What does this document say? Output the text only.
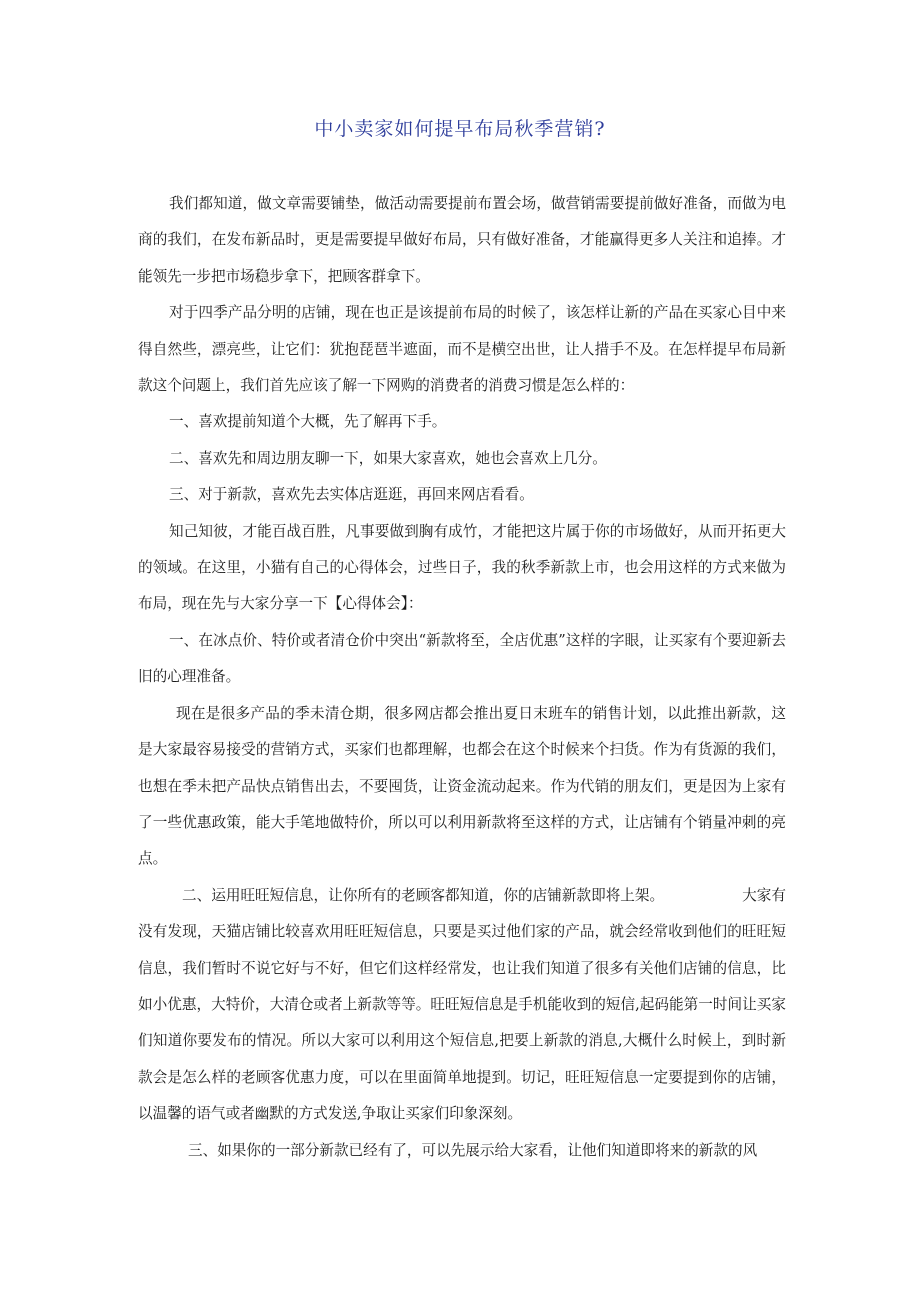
中小卖家如何提早布局秋季营销?

我们都知道，做文章需要铺垫，做活动需要提前布置会场，做营销需要提前做好准备，而做为电商的我们，在发布新品时，更是需要提早做好布局，只有做好准备，才能赢得更多人关注和追捧。才能领先一步把市场稳步拿下，把顾客群拿下。

对于四季产品分明的店铺，现在也正是该提前布局的时候了，该怎样让新的产品在买家心目中来得自然些，漂亮些，让它们：犹抱琵琶半遮面，而不是横空出世，让人措手不及。在怎样提早布局新款这个问题上，我们首先应该了解一下网购的消费者的消费习惯是怎么样的：

一、喜欢提前知道个大概，先了解再下手。

二、喜欢先和周边朋友聊一下，如果大家喜欢，她也会喜欢上几分。

三、对于新款，喜欢先去实体店逛逛，再回来网店看看。

知己知彼，才能百战百胜，凡事要做到胸有成竹，才能把这片属于你的市场做好，从而开拓更大的领域。在这里，小猫有自己的心得体会，过些日子，我的秋季新款上市，也会用这样的方式来做为布局，现在先与大家分享一下【心得体会】：

一、在冰点价、特价或者清仓价中突出“新款将至，全店优惠”这样的字眼，让买家有个要迎新去旧的心理准备。

现在是很多产品的季未清仓期，很多网店都会推出夏日末班车的销售计划，以此推出新款，这是大家最容易接受的营销方式，买家们也都理解，也都会在这个时候来个扫货。作为有货源的我们，也想在季未把产品快点销售出去，不要囤货，让资金流动起来。作为代销的朋友们，更是因为上家有了一些优惠政策，能大手笔地做特价，所以可以利用新款将至这样的方式，让店铺有个销量冲刺的亮点。

二、运用旺旺短信息，让你所有的老顾客都知道，你的店铺新款即将上架。	大家有没有发现，天猫店铺比较喜欢用旺旺短信息，只要是买过他们家的产品，就会经常收到他们的旺旺短信息，我们暂时不说它好与不好，但它们这样经常发，也让我们知道了很多有关他们店铺的信息，比如小优惠，大特价，大清仓或者上新款等等。旺旺短信息是手机能收到的短信,起码能第一时间让买家们知道你要发布的情况。所以大家可以利用这个短信息,把要上新款的消息,大概什么时候上，到时新款会是怎么样的老顾客优惠力度，可以在里面简单地提到。切记，旺旺短信息一定要提到你的店铺，以温馨的语气或者幽默的方式发送,争取让买家们印象深刻。

三、如果你的一部分新款已经有了，可以先展示给大家看，让他们知道即将来的新款的风
